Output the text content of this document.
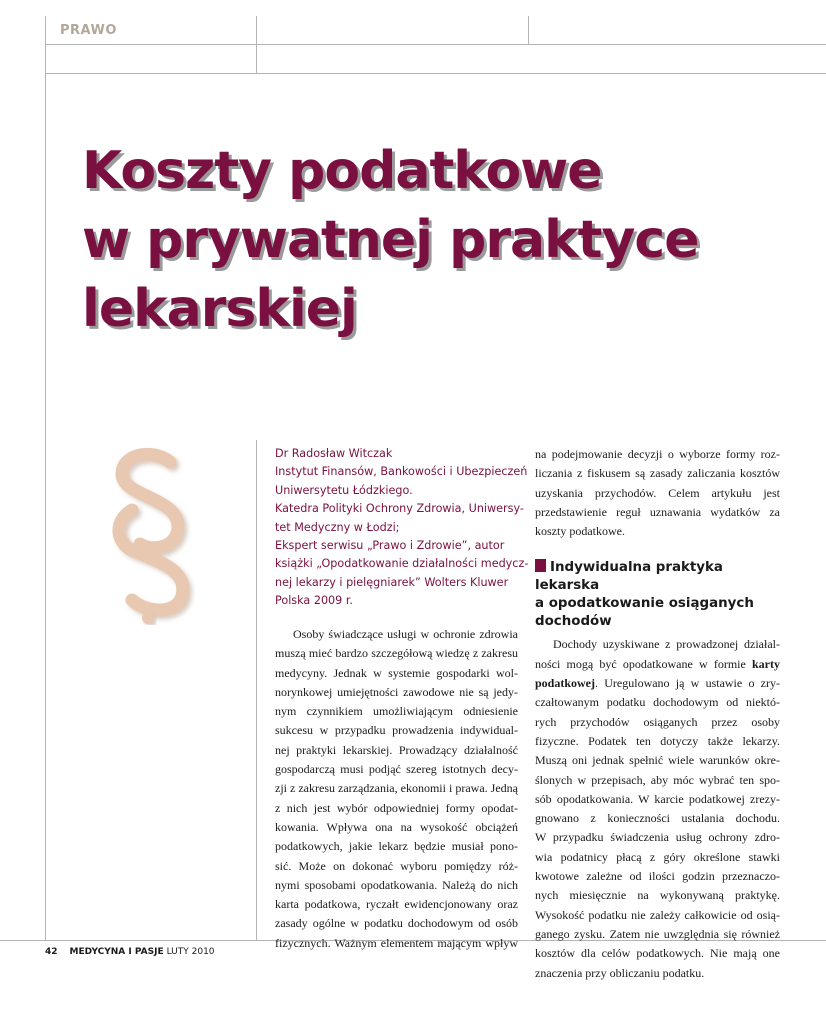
PRAWO
Koszty podatkowe
w prywatnej praktyce
lekarskiej
Dr Radosław Witczak
Instytut Finansów, Bankowości i Ubezpieczeń
Uniwersytetu Łódzkiego.
Katedra Polityki Ochrony Zdrowia, Uniwersy-
tet Medyczny w Łodzi;
Ekspert serwisu „Prawo i Zdrowie”, autor
książki „Opodatkowanie działalności medycz-
nej lekarzy i pielęgniarek” Wolters Kluwer
Polska 2009 r.
Osoby świadczące usługi w ochronie zdrowia
muszą mieć bardzo szczegółową wiedzę z zakresu
medycyny. Jednak w systemie gospodarki wol-
norynkowej umiejętności zawodowe nie są jedy-
nym czynnikiem umożliwiającym odniesienie
sukcesu w przypadku prowadzenia indywidual-
nej praktyki lekarskiej. Prowadzący działalność
gospodarczą musi podjąć szereg istotnych decy-
zji z zakresu zarządzania, ekonomii i prawa. Jedną
z nich jest wybór odpowiedniej formy opodat-
kowania. Wpływa ona na wysokość obciążeń
podatkowych, jakie lekarz będzie musiał pono-
sić. Może on dokonać wyboru pomiędzy róż-
nymi sposobami opodatkowania. Należą do nich
karta podatkowa, ryczałt ewidencjonowany oraz
zasady ogólne w podatku dochodowym od osób
fizycznych. Ważnym elementem mającym wpływ
na podejmowanie decyzji o wyborze formy roz-
liczania z fiskusem są zasady zaliczania kosztów
uzyskania przychodów. Celem artykułu jest
przedstawienie reguł uznawania wydatków za
koszty podatkowe.
Indywidualna praktyka lekarska
a opodatkowanie osiąganych
dochodów
Dochody uzyskiwane z prowadzonej działal-
ności mogą być opodatkowane w formie karty
podatkowej. Uregulowano ją w ustawie o zry-
czałtowanym podatku dochodowym od niektó-
rych przychodów osiąganych przez osoby
fizyczne. Podatek ten dotyczy także lekarzy.
Muszą oni jednak spełnić wiele warunków okre-
ślonych w przepisach, aby móc wybrać ten spo-
sób opodatkowania. W karcie podatkowej zrezy-
gnowano z konieczności ustalania dochodu.
W przypadku świadczenia usług ochrony zdro-
wia podatnicy płacą z góry określone stawki
kwotowe zależne od ilości godzin przeznaczo-
nych miesięcznie na wykonywaną praktykę.
Wysokość podatku nie zależy całkowicie od osią-
ganego zysku. Zatem nie uwzględnia się również
kosztów dla celów podatkowych. Nie mają one
znaczenia przy obliczaniu podatku.
42 MEDYCYNA I PASJE LUTY 2010
